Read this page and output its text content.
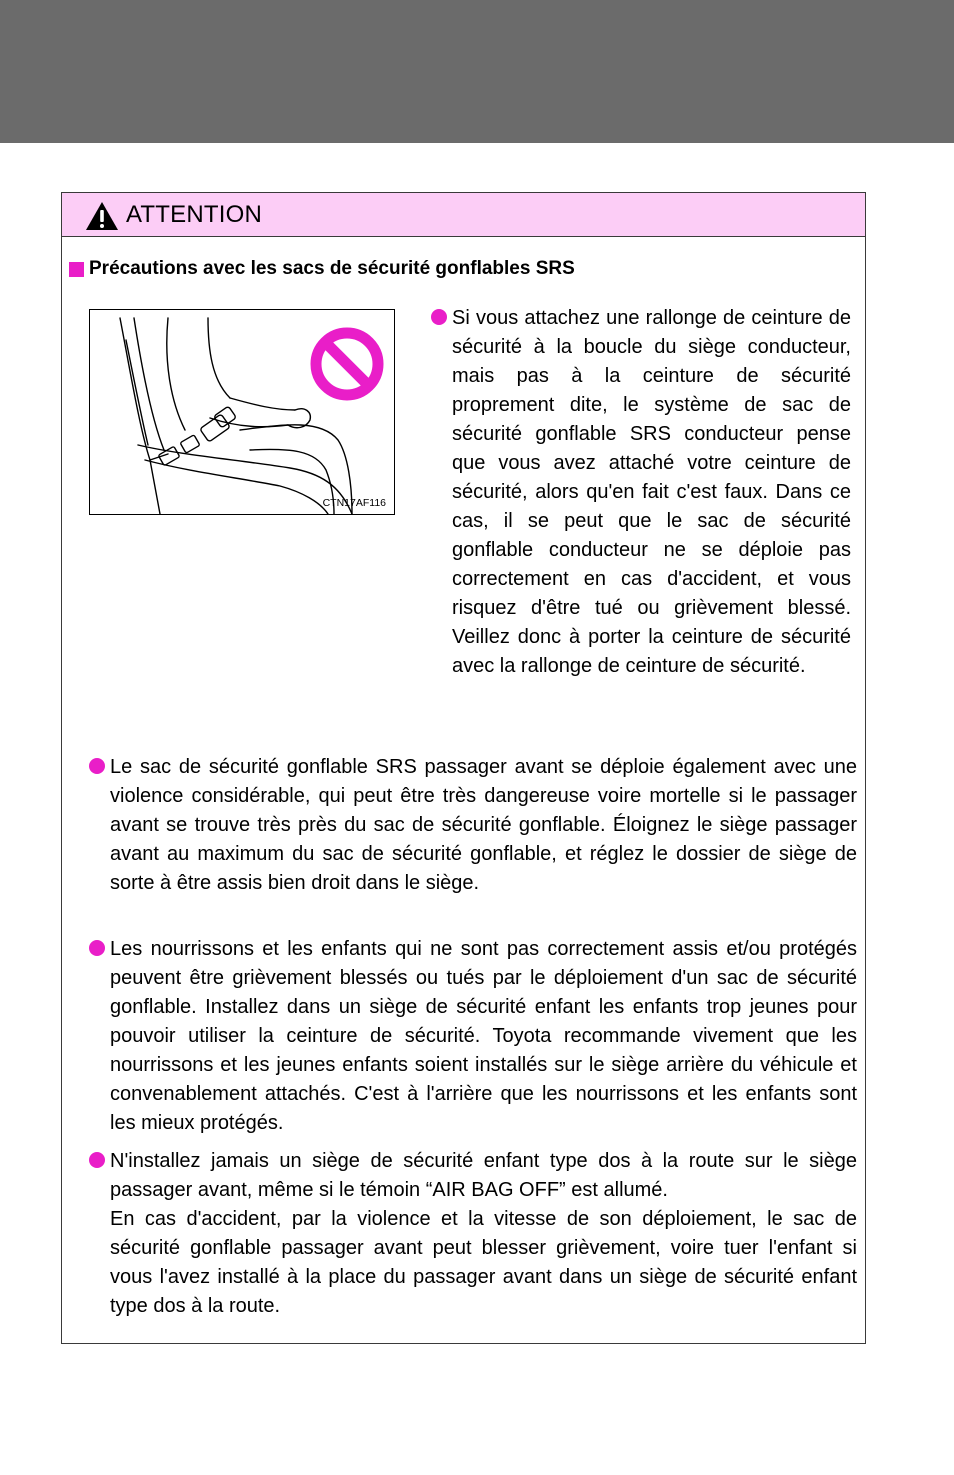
ATTENTION
Précautions avec les sacs de sécurité gonflables SRS
CTN17AF116

Si vous attachez une rallonge de ceinture de sécurité à la boucle du siège conducteur, mais pas à la ceinture de sécurité proprement dite, le système de sac de sécurité gonflable SRS conducteur pense que vous avez attaché votre ceinture de sécurité, alors qu'en fait c'est faux. Dans ce cas, il se peut que le sac de sécurité gonflable conducteur ne se déploie pas correctement en cas d'accident, et vous risquez d'être tué ou grièvement blessé. Veillez donc à porter la ceinture de sécurité avec la rallonge de ceinture de sécurité.

Le sac de sécurité gonflable SRS passager avant se déploie également avec une violence considérable, qui peut être très dangereuse voire mortelle si le passager avant se trouve très près du sac de sécurité gonflable. Éloignez le siège passager avant au maximum du sac de sécurité gonflable, et réglez le dossier de siège de sorte à être assis bien droit dans le siège.

Les nourrissons et les enfants qui ne sont pas correctement assis et/ou protégés peuvent être grièvement blessés ou tués par le déploiement d'un sac de sécurité gonflable. Installez dans un siège de sécurité enfant les enfants trop jeunes pour pouvoir utiliser la ceinture de sécurité. Toyota recommande vivement que les nourrissons et les jeunes enfants soient installés sur le siège arrière du véhicule et convenablement attachés. C'est à l'arrière que les nourrissons et les enfants sont les mieux protégés.

N'installez jamais un siège de sécurité enfant type dos à la route sur le siège passager avant, même si le témoin “AIR BAG OFF” est allumé.

En cas d'accident, par la violence et la vitesse de son déploiement, le sac de sécurité gonflable passager avant peut blesser grièvement, voire tuer l'enfant si vous l'avez installé à la place du passager avant dans un siège de sécurité enfant type dos à la route.
